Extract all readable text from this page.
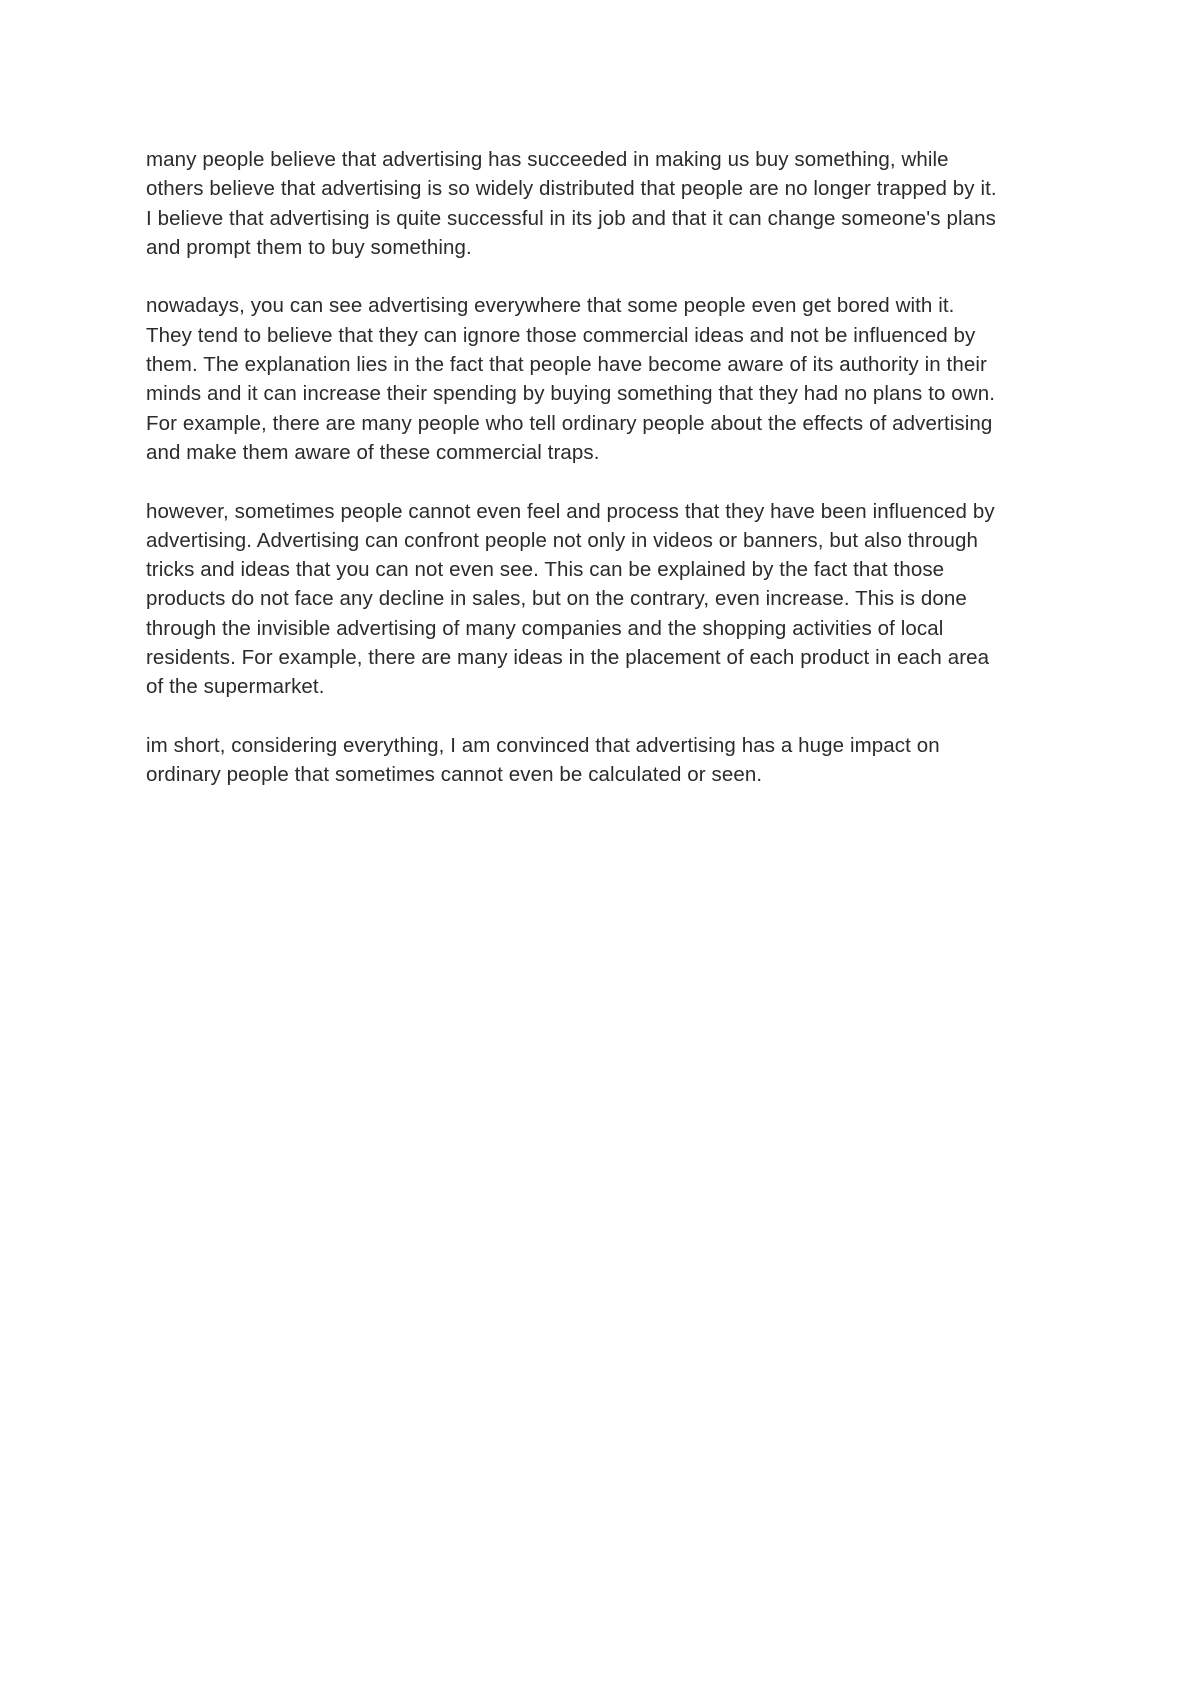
many people believe that advertising has succeeded in making us buy something, while
others believe that advertising is so widely distributed that people are no longer trapped by it.
I believe that advertising is quite successful in its job and that it can change someone's plans
and prompt them to buy something.

nowadays, you can see advertising everywhere that some people even get bored with it.
They tend to believe that they can ignore those commercial ideas and not be influenced by
them. The explanation lies in the fact that people have become aware of its authority in their
minds and it can increase their spending by buying something that they had no plans to own.
For example, there are many people who tell ordinary people about the effects of advertising
and make them aware of these commercial traps.

however, sometimes people cannot even feel and process that they have been influenced by
advertising. Advertising can confront people not only in videos or banners, but also through
tricks and ideas that you can not even see. This can be explained by the fact that those
products do not face any decline in sales, but on the contrary, even increase. This is done
through the invisible advertising of many companies and the shopping activities of local
residents. For example, there are many ideas in the placement of each product in each area
of the supermarket.

im short, considering everything, I am convinced that advertising has a huge impact on
ordinary people that sometimes cannot even be calculated or seen.
